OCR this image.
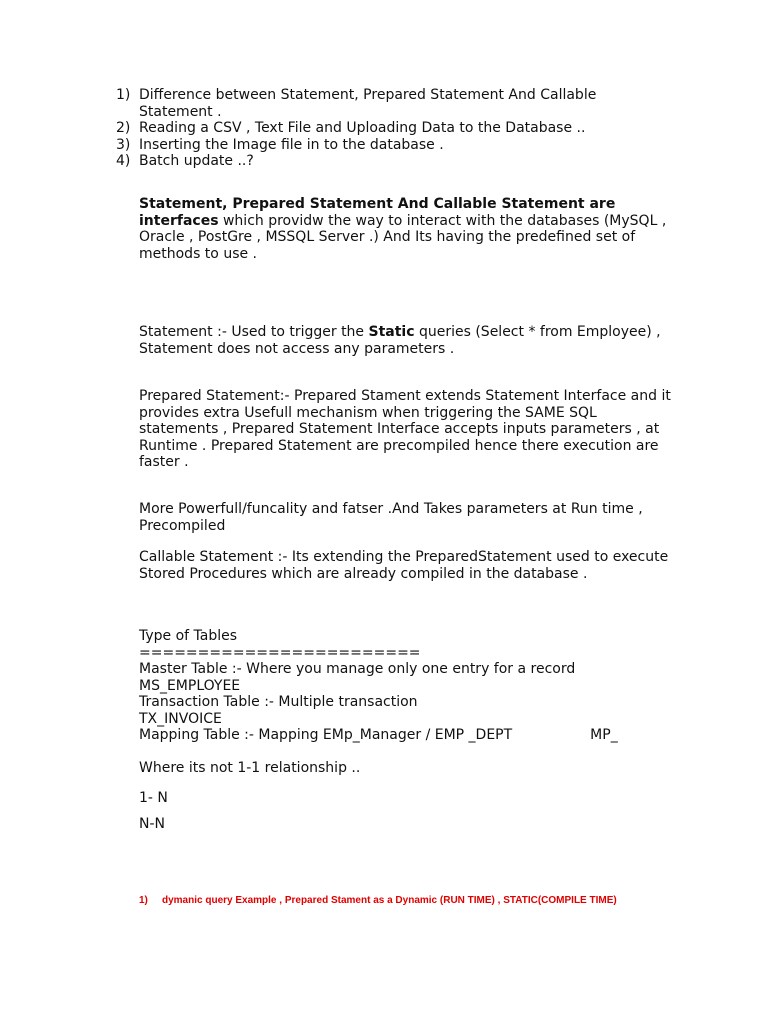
1) Difference between Statement, Prepared Statement And Callable Statement .
2) Reading a CSV , Text File and Uploading Data to the Database ..
3) Inserting the Image file in to the database .
4) Batch update ..?
Statement, Prepared Statement And Callable Statement are interfaces which providw the way to interact with the databases (MySQL , Oracle , PostGre , MSSQL Server .) And Its having the predefined set of methods to use .
Statement :- Used to trigger the Static queries (Select * from Employee) , Statement does not access any parameters .
Prepared Statement:- Prepared Stament extends Statement Interface and it provides extra Usefull mechanism when triggering the SAME SQL statements , Prepared Statement Interface accepts inputs parameters , at Runtime . Prepared Statement are precompiled hence there execution are faster .
More Powerfull/funcality and fatser .And Takes parameters at Run time , Precompiled
Callable Statement :- Its extending the PreparedStatement used to execute Stored Procedures which are already compiled in the database .
Type of Tables
========================
Master Table :- Where you manage only one entry for a record
MS_EMPLOYEE
Transaction Table :- Multiple transaction
TX_INVOICE
Mapping Table :- Mapping EMp_Manager / EMP _DEPT	MP_
Where its not 1-1 relationship ..
1- N
N-N
1) dymanic query Example , Prepared Stament as a Dynamic (RUN TIME) , STATIC(COMPILE TIME)
